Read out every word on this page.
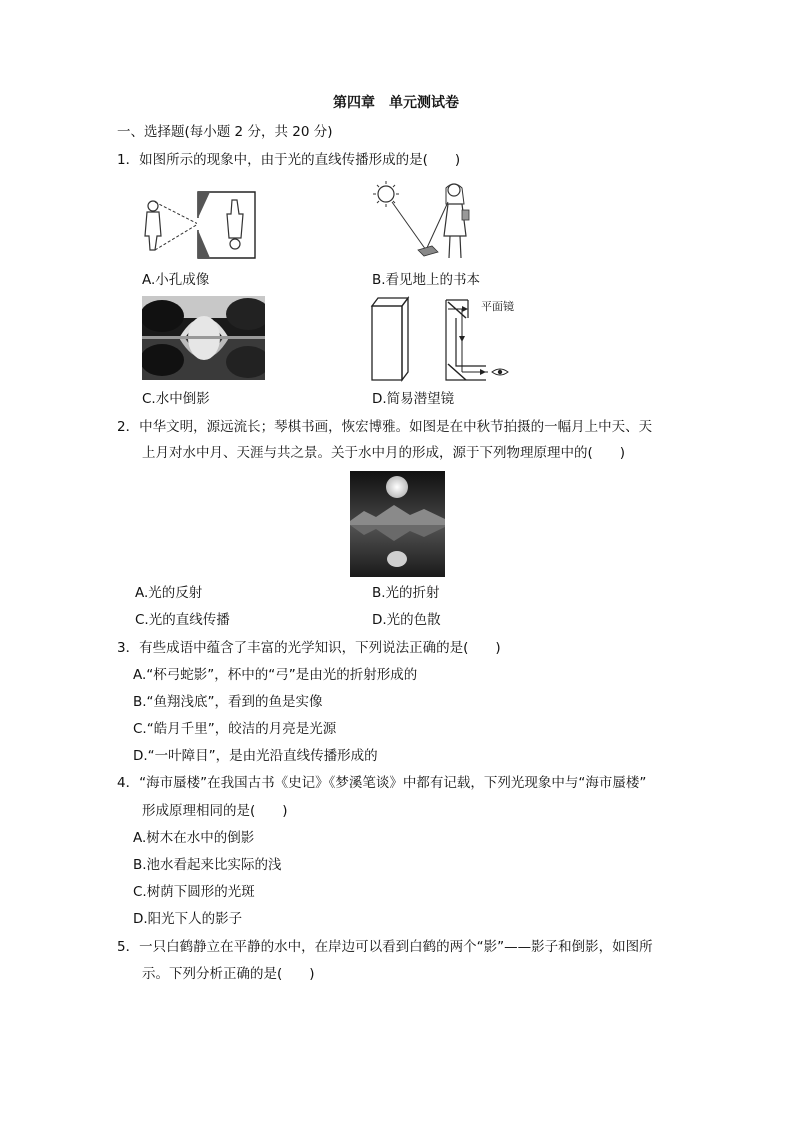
第四章　单元测试卷
一、选择题(每小题 2 分，共 20 分)
1．如图所示的现象中，由于光的直线传播形成的是(　　)
A.小孔成像	B.看见地上的书本
平面镜
C.水中倒影	D.简易潜望镜
2．中华文明，源远流长；琴棋书画，恢宏博雅。如图是在中秋节拍摄的一幅月上中天、天
上月对水中月、天涯与共之景。关于水中月的形成，源于下列物理原理中的(　　)
A.光的反射	B.光的折射
C.光的直线传播	D.光的色散
3．有些成语中蕴含了丰富的光学知识，下列说法正确的是(　　)
A.“杯弓蛇影”，杯中的“弓”是由光的折射形成的
B.“鱼翔浅底”，看到的鱼是实像
C.“皓月千里”，皎洁的月亮是光源
D.“一叶障目”，是由光沿直线传播形成的
4．“海市蜃楼”在我国古书《史记》《梦溪笔谈》中都有记载，下列光现象中与“海市蜃楼”
形成原理相同的是(　　)
A.树木在水中的倒影
B.池水看起来比实际的浅
C.树荫下圆形的光斑
D.阳光下人的影子
5．一只白鹤静立在平静的水中，在岸边可以看到白鹤的两个“影”——影子和倒影，如图所
示。下列分析正确的是(　　)
